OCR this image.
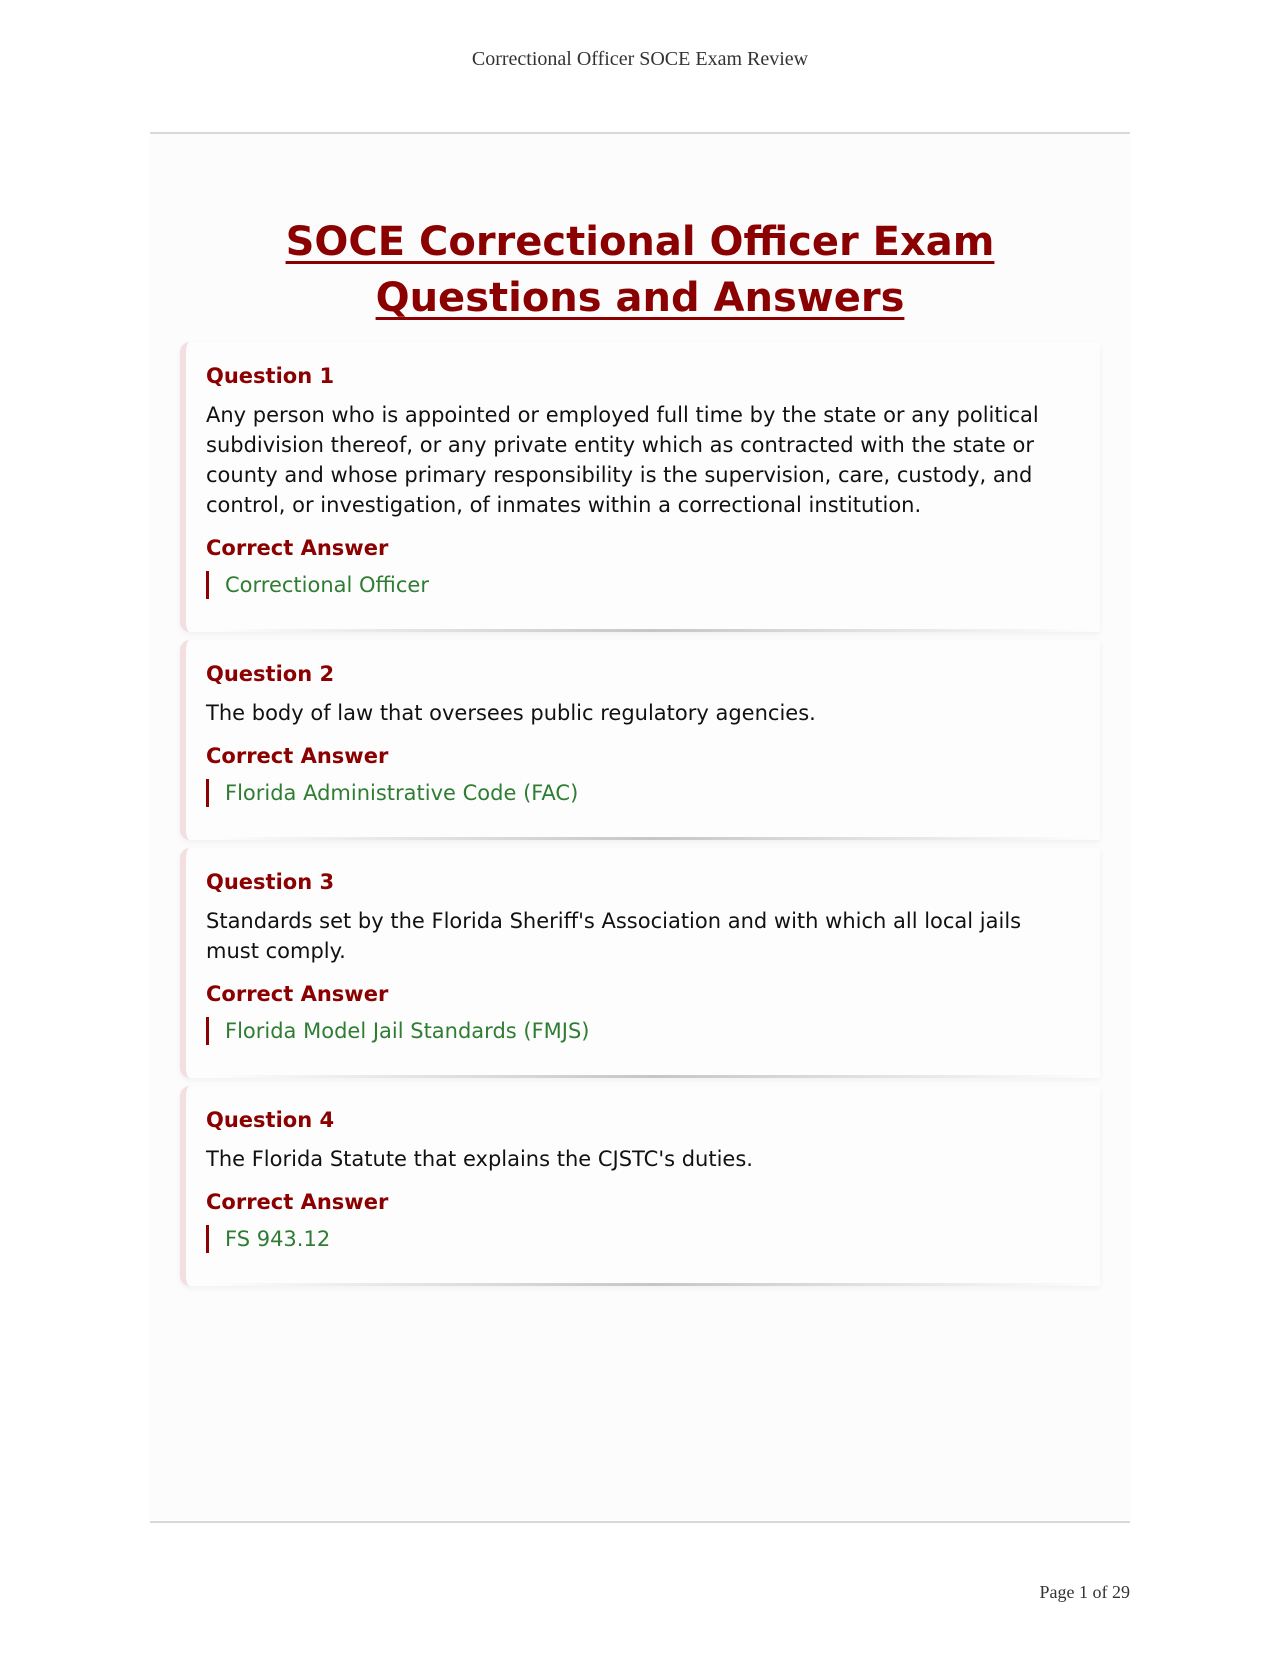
Correctional Officer SOCE Exam Review
SOCE Correctional Officer Exam Questions and Answers
Question 1
Any person who is appointed or employed full time by the state or any political subdivision thereof, or any private entity which as contracted with the state or county and whose primary responsibility is the supervision, care, custody, and control, or investigation, of inmates within a correctional institution.
Correct Answer
Correctional Officer
Question 2
The body of law that oversees public regulatory agencies.
Correct Answer
Florida Administrative Code (FAC)
Question 3
Standards set by the Florida Sheriff's Association and with which all local jails must comply.
Correct Answer
Florida Model Jail Standards (FMJS)
Question 4
The Florida Statute that explains the CJSTC's duties.
Correct Answer
FS 943.12
Page 1 of 29
